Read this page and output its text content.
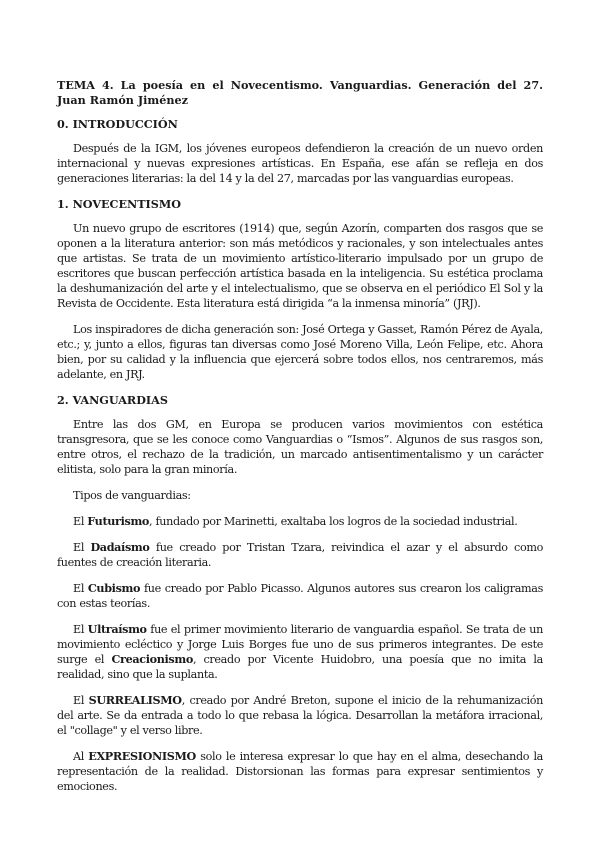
TEMA 4. La poesía en el Novecentismo. Vanguardias. Generación del 27. Juan Ramón Jiménez
0. INTRODUCCIÓN

Después de la IGM, los jóvenes europeos defendieron la creación de un nuevo orden internacional y nuevas expresiones artísticas. En España, ese afán se refleja en dos generaciones literarias: la del 14 y la del 27, marcadas por las vanguardias europeas.

1. NOVECENTISMO

Un nuevo grupo de escritores (1914) que, según Azorín, comparten dos rasgos que se oponen a la literatura anterior: son más metódicos y racionales, y son intelectuales antes que artistas. Se trata de un movimiento artístico-literario impulsado por un grupo de escritores que buscan perfección artística basada en la inteligencia. Su estética proclama la deshumanización del arte y el intelectualismo, que se observa en el periódico El Sol y la Revista de Occidente. Esta literatura está dirigida “a la inmensa minoría” (JRJ).

Los inspiradores de dicha generación son: José Ortega y Gasset, Ramón Pérez de Ayala, etc.; y, junto a ellos, figuras tan diversas como José Moreno Villa, León Felipe, etc. Ahora bien, por su calidad y la influencia que ejercerá sobre todos ellos, nos centraremos, más adelante, en JRJ.

2. VANGUARDIAS

Entre las dos GM, en Europa se producen varios movimientos con estética transgresora, que se les conoce como Vanguardias o “Ismos”. Algunos de sus rasgos son, entre otros, el rechazo de la tradición, un marcado antisentimentalismo y un carácter elitista, solo para la gran minoría.

Tipos de vanguardias:

El Futurismo, fundado por Marinetti, exaltaba los logros de la sociedad industrial.

El Dadaísmo fue creado por Tristan Tzara, reivindica el azar y el absurdo como fuentes de creación literaria.

El Cubismo fue creado por Pablo Picasso. Algunos autores sus crearon los caligramas con estas teorías.

El Ultraísmo fue el primer movimiento literario de vanguardia español. Se trata de un movimiento ecléctico y Jorge Luis Borges fue uno de sus primeros integrantes. De este surge el Creacionismo, creado por Vicente Huidobro, una poesía que no imita la realidad, sino que la suplanta.

El SURREALISMO, creado por André Breton, supone el inicio de la rehumanización del arte. Se da entrada a todo lo que rebasa la lógica. Desarrollan la metáfora irracional, el "collage" y el verso libre.

Al EXPRESIONISMO solo le interesa expresar lo que hay en el alma, desechando la representación de la realidad. Distorsionan las formas para expresar sentimientos y emociones.
